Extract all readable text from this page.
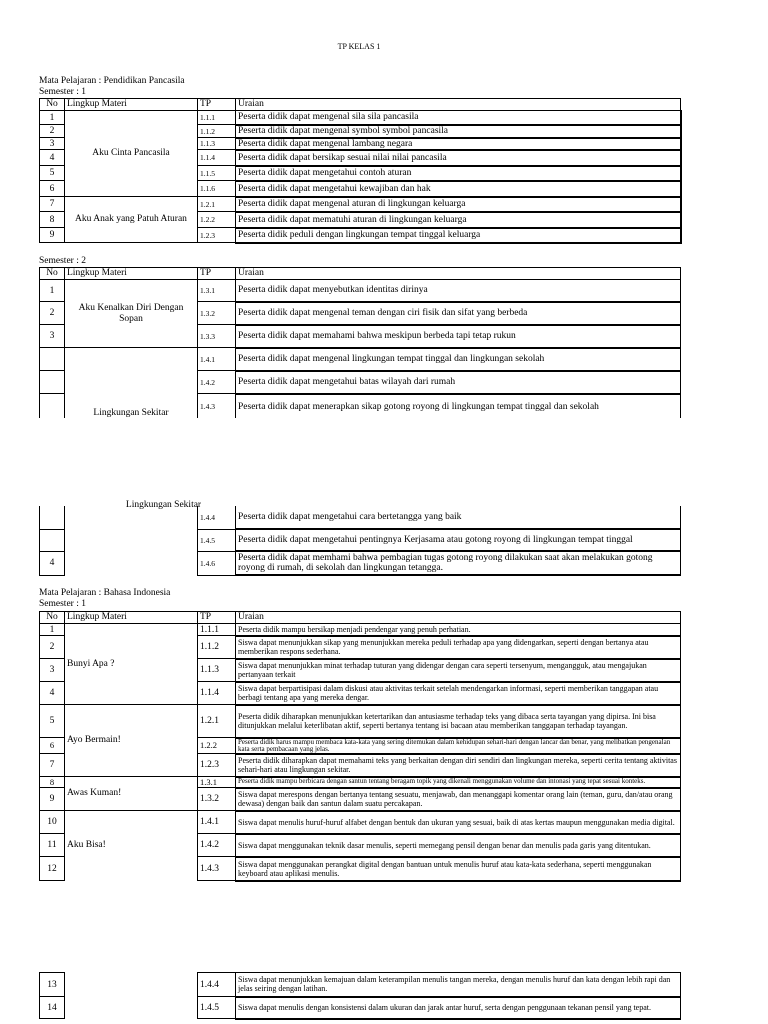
TP KELAS 1
Mata Pelajaran : Pendidikan Pancasila
Semester : 1
No	Lingkup Materi	TP	Uraian
1	Aku Cinta Pancasila	1.1.1	Peserta didik dapat mengenal sila sila pancasila
2		1.1.2	Peserta didik dapat mengenal symbol symbol pancasila
3		1.1.3	Peserta didik dapat mengenal lambang negara
4		1.1.4	Peserta didik dapat bersikap sesuai nilai nilai pancasila
5		1.1.5	Peserta didik dapat mengetahui contoh aturan
6		1.1.6	Peserta didik dapat mengetahui kewajiban dan hak
7	Aku Anak yang Patuh Aturan	1.2.1	Peserta didik dapat mengenal aturan di lingkungan keluarga
8		1.2.2	Peserta didik dapat mematuhi aturan di lingkungan keluarga
9		1.2.3	Peserta didik peduli dengan lingkungan tempat tinggal keluarga
Semester : 2
No	Lingkup Materi	TP	Uraian
1	Aku Kenalkan Diri Dengan Sopan	1.3.1	Peserta didik dapat menyebutkan identitas dirinya
2		1.3.2	Peserta didik dapat mengenal teman dengan ciri fisik dan sifat yang berbeda
3		1.3.3	Peserta didik dapat memahami bahwa meskipun berbeda tapi tetap rukun
	Lingkungan Sekitar	1.4.1	Peserta didik dapat mengenal lingkungan tempat tinggal dan lingkungan sekolah
		1.4.2	Peserta didik dapat mengetahui batas wilayah dari rumah
		1.4.3	Peserta didik dapat menerapkan sikap gotong royong di lingkungan tempat tinggal dan sekolah
Lingkungan Sekitar
		1.4.4	Peserta didik dapat mengetahui cara bertetangga yang baik
		1.4.5	Peserta didik dapat mengetahui pentingnya Kerjasama atau gotong royong di lingkungan tempat tinggal
4		1.4.6	Peserta didik dapat memhami bahwa pembagian tugas gotong royong dilakukan saat akan melakukan gotong royong di rumah, di sekolah dan lingkungan tetangga.
Mata Pelajaran : Bahasa Indonesia
Semester : 1
No	Lingkup Materi	TP	Uraian
1	Bunyi Apa ?	1.1.1	Peserta didik mampu bersikap menjadi pendengar yang penuh perhatian.
2		1.1.2	Siswa dapat menunjukkan sikap yang menunjukkan mereka peduli terhadap apa yang didengarkan, seperti dengan bertanya atau memberikan respons sederhana.
3		1.1.3	Siswa dapat menunjukkan minat terhadap tuturan yang didengar dengan cara seperti tersenyum, mengangguk, atau mengajukan pertanyaan terkait
4		1.1.4	Siswa dapat berpartisipasi dalam diskusi atau aktivitas terkait setelah mendengarkan informasi, seperti memberikan tanggapan atau berbagi tentang apa yang mereka dengar.
5	Ayo Bermain!	1.2.1	Peserta didik diharapkan menunjukkan ketertarikan dan antusiasme terhadap teks yang dibaca serta tayangan yang dipirsa. Ini bisa ditunjukkan melalui keterlibatan aktif, seperti bertanya tentang isi bacaan atau memberikan tanggapan terhadap tayangan.
6		1.2.2	Peserta didik harus mampu membaca kata-kata yang sering ditemukan dalam kehidupan sehari-hari dengan lancar dan benar, yang melibatkan pengenalan kata serta pembacaan yang jelas.
7		1.2.3	Peserta didik diharapkan dapat memahami teks yang berkaitan dengan diri sendiri dan lingkungan mereka, seperti cerita tentang aktivitas sehari-hari atau lingkungan sekitar.
8	Awas Kuman!	1.3.1	Peserta didik mampu berbicara dengan santun tentang beragam topik yang dikenali menggunakan volume dan intonasi yang tepat sesuai konteks.
9		1.3.2	Siswa dapat merespons dengan bertanya tentang sesuatu, menjawab, dan menanggapi komentar orang lain (teman, guru, dan/atau orang dewasa) dengan baik dan santun dalam suatu percakapan.
10	Aku Bisa!	1.4.1	Siswa dapat menulis huruf-huruf alfabet dengan bentuk dan ukuran yang sesuai, baik di atas kertas maupun menggunakan media digital.
11		1.4.2	Siswa dapat menggunakan teknik dasar menulis, seperti memegang pensil dengan benar dan menulis pada garis yang ditentukan.
12		1.4.3	Siswa dapat menggunakan perangkat digital dengan bantuan untuk menulis huruf atau kata-kata sederhana, seperti menggunakan keyboard atau aplikasi menulis.
13		1.4.4	Siswa dapat menunjukkan kemajuan dalam keterampilan menulis tangan mereka, dengan menulis huruf dan kata dengan lebih rapi dan jelas seiring dengan latihan.
14		1.4.5	Siswa dapat menulis dengan konsistensi dalam ukuran dan jarak antar huruf, serta dengan penggunaan tekanan pensil yang tepat.
